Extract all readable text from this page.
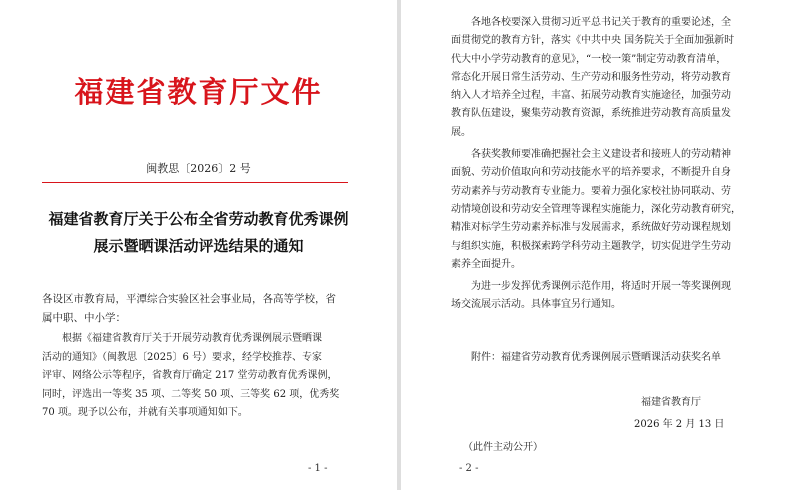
福建省教育厅文件
闽教思〔2026〕2 号
福建省教育厅关于公布全省劳动教育优秀课例
展示暨晒课活动评选结果的通知
各设区市教育局，平潭综合实验区社会事业局，各高等学校，省
属中职、中小学：
根据《福建省教育厅关于开展劳动教育优秀课例展示暨晒课
活动的通知》（闽教思〔2025〕6 号）要求，经学校推荐、专家
评审、网络公示等程序，省教育厅确定 217 堂劳动教育优秀课例，
同时，评选出一等奖 35 项、二等奖 50 项、三等奖 62 项，优秀奖
70 项。现予以公布，并就有关事项通知如下。
- 1 -
各地各校要深入贯彻习近平总书记关于教育的重要论述，全
面贯彻党的教育方针，落实《中共中央 国务院关于全面加强新时
代大中小学劳动教育的意见》，“一校一策”制定劳动教育清单，
常态化开展日常生活劳动、生产劳动和服务性劳动，将劳动教育
纳入人才培养全过程，丰富、拓展劳动教育实施途径，加强劳动
教育队伍建设，聚集劳动教育资源，系统推进劳动教育高质量发
展。
各获奖教师要准确把握社会主义建设者和接班人的劳动精神
面貌、劳动价值取向和劳动技能水平的培养要求，不断提升自身
劳动素养与劳动教育专业能力。要着力强化家校社协同联动、劳
动情境创设和劳动安全管理等课程实施能力，深化劳动教育研究，
精准对标学生劳动素养标准与发展需求，系统做好劳动课程规划
与组织实施，积极探索跨学科劳动主题教学，切实促进学生劳动
素养全面提升。
为进一步发挥优秀课例示范作用，将适时开展一等奖课例现
场交流展示活动。具体事宜另行通知。
附件：福建省劳动教育优秀课例展示暨晒课活动获奖名单
福建省教育厅
2026 年 2 月 13 日
（此件主动公开）
- 2 -
